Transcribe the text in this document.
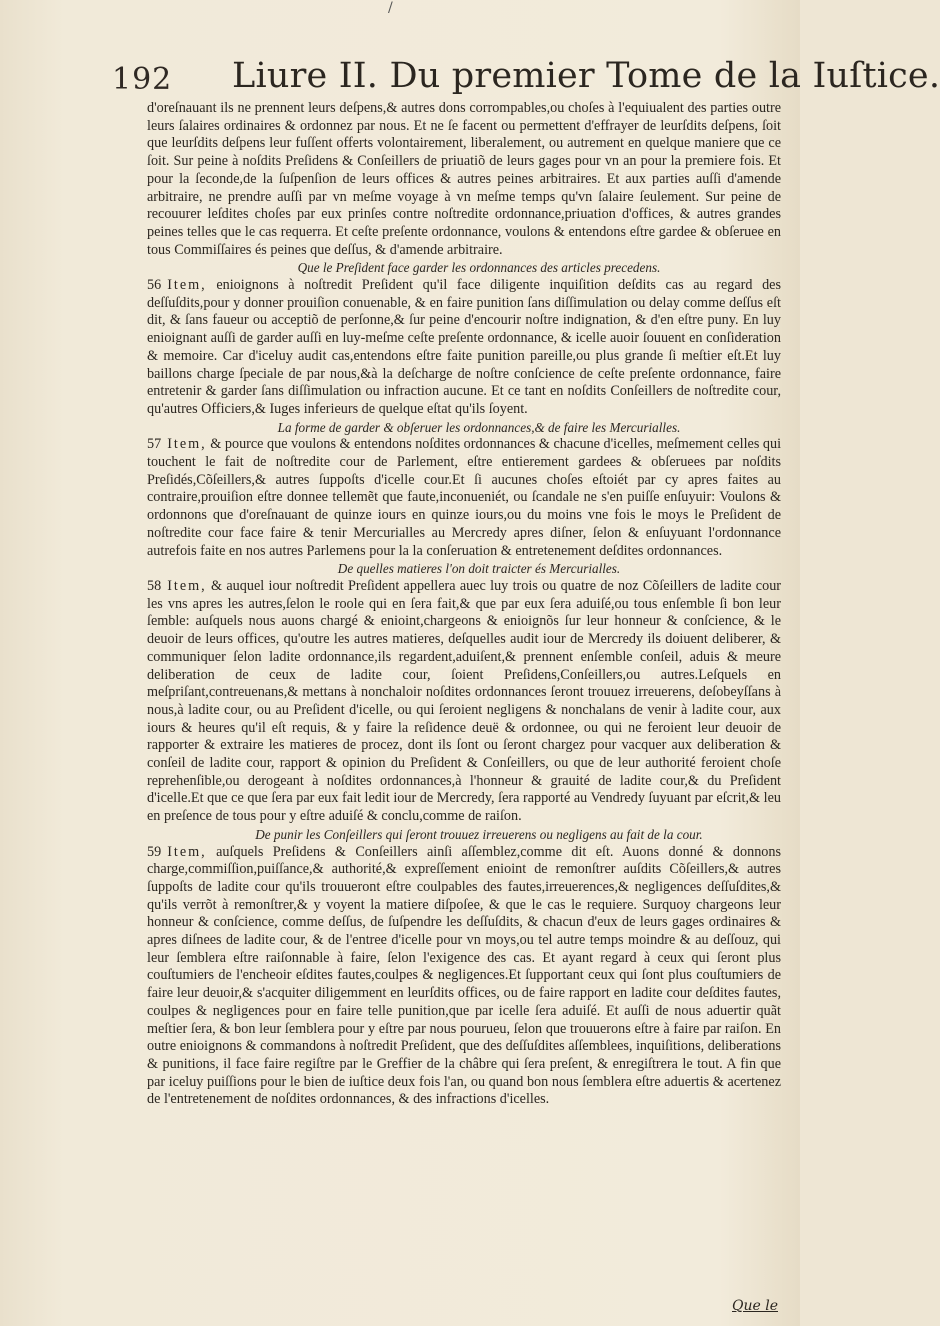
/
192 Liure II. Du premier Tome de la Iuſtice.

d'oreſnauant ils ne prennent leurs deſpens,& autres dons corrompables,ou choſes à l'equiualent des parties outre leurs ſalaires ordinaires & ordonnez par nous. Et ne ſe facent ou permettent d'effrayer de leurſdits deſpens, ſoit que leurſdits deſpens leur fuſſent offerts volontairement, liberalement, ou autrement en quelque maniere que ce ſoit. Sur peine à noſdits Preſidens & Conſeillers de priuatiõ de leurs gages pour vn an pour la premiere fois. Et pour la ſeconde,de la ſuſpenſion de leurs offices & autres peines arbitraires. Et aux parties auſſi d'amende arbitraire, ne prendre auſſi par vn meſme voyage à vn meſme temps qu'vn ſalaire ſeulement. Sur peine de recouurer leſdites choſes par eux prinſes contre noſtredite ordonnance,priuation d'offices, & autres grandes peines telles que le cas requerra. Et ceſte preſente ordonnance, voulons & entendons eſtre gardee & obſeruee en tous Commiſſaires és peines que deſſus, & d'amende arbitraire.

Que le Preſident face garder les ordonnances des articles precedens.

56 Item, enioignons à noſtredit Preſident qu'il face diligente inquiſition deſdits cas au regard des deſſuſdits,pour y donner prouiſion conuenable, & en faire punition ſans diſſimulation ou delay comme deſſus eſt dit, & ſans faueur ou acceptiõ de perſonne,& ſur peine d'encourir noſtre indignation, & d'en eſtre puny. En luy enioignant auſſi de garder auſſi en luy-meſme ceſte preſente ordonnance, & icelle auoir ſouuent en conſideration & memoire. Car d'iceluy audit cas,entendons eſtre faite punition pareille,ou plus grande ſi meſtier eſt.Et luy baillons charge ſpeciale de par nous,&à la deſcharge de noſtre conſcience de ceſte preſente ordonnance, faire entretenir & garder ſans diſſimulation ou infraction aucune. Et ce tant en noſdits Conſeillers de noſtredite cour, qu'autres Officiers,& Iuges inferieurs de quelque eſtat qu'ils ſoyent.

La forme de garder & obſeruer les ordonnances,& de faire les Mercurialles.

57 Item, & pource que voulons & entendons noſdites ordonnances & chacune d'icelles, meſmement celles qui touchent le fait de noſtredite cour de Parlement, eſtre entierement gardees & obſeruees par noſdits Preſidés,Cõſeillers,& autres ſuppoſts d'icelle cour.Et ſi aucunes choſes eſtoiét par cy apres faites au contraire,prouiſion eſtre donnee tellemẽt que faute,inconueniét, ou ſcandale ne s'en puiſſe enſuyuir: Voulons & ordonnons que d'oreſnauant de quinze iours en quinze iours,ou du moins vne fois le moys le Preſident de noſtredite cour face faire & tenir Mercurialles au Mercredy apres diſner, ſelon & enſuyuant l'ordonnance autrefois faite en nos autres Parlemens pour la la conſeruation & entretenement deſdites ordonnances.

De quelles matieres l'on doit traicter és Mercurialles.

58 Item, & auquel iour noſtredit Preſident appellera auec luy trois ou quatre de noz Cõſeillers de ladite cour les vns apres les autres,ſelon le roole qui en ſera fait,& que par eux ſera aduiſé,ou tous enſemble ſi bon leur ſemble: auſquels nous auons chargé & enioint,chargeons & enioignõs ſur leur honneur & conſcience, & le deuoir de leurs offices, qu'outre les autres matieres, deſquelles audit iour de Mercredy ils doiuent deliberer, & communiquer ſelon ladite ordonnance,ils regardent,aduiſent,& prennent enſemble conſeil, aduis & meure deliberation de ceux de ladite cour, ſoient Preſidens,Conſeillers,ou autres.Leſquels en meſpriſant,contreuenans,& mettans à nonchaloir noſdites ordonnances ſeront trouuez irreuerens, deſobeyſſans à nous,à ladite cour, ou au Preſident d'icelle, ou qui ſeroient negligens & nonchalans de venir à ladite cour, aux iours & heures qu'il eſt requis, & y faire la reſidence deuë & ordonnee, ou qui ne feroient leur deuoir de rapporter & extraire les matieres de procez, dont ils ſont ou ſeront chargez pour vacquer aux deliberation & conſeil de ladite cour, rapport & opinion du Preſident & Conſeillers, ou que de leur authorité feroient choſe reprehenſible,ou derogeant à noſdites ordonnances,à l'honneur & grauité de ladite cour,& du Preſident d'icelle.Et que ce que ſera par eux fait ledit iour de Mercredy, ſera rapporté au Vendredy ſuyuant par eſcrit,& leu en preſence de tous pour y eſtre aduiſé & conclu,comme de raiſon.

De punir les Conſeillers qui ſeront trouuez irreuerens ou negligens au fait de la cour.

59 Item, auſquels Preſidens & Conſeillers ainſi aſſemblez,comme dit eſt. Auons donné & donnons charge,commiſſion,puiſſance,& authorité,& expreſſement enioint de remonſtrer auſdits Cõſeillers,& autres ſuppoſts de ladite cour qu'ils trouueront eſtre coulpables des fautes,irreuerences,& negligences deſſuſdites,& qu'ils verrõt à remonſtrer,& y voyent la matiere diſpoſee, & que le cas le requiere. Surquoy chargeons leur honneur & conſcience, comme deſſus, de ſuſpendre les deſſuſdits, & chacun d'eux de leurs gages ordinaires & apres diſnees de ladite cour, & de l'entree d'icelle pour vn moys,ou tel autre temps moindre & au deſſouz, qui leur ſemblera eſtre raiſonnable à faire, ſelon l'exigence des cas. Et ayant regard à ceux qui ſeront plus couſtumiers de l'encheoir eſdites fautes,coulpes & negligences.Et ſupportant ceux qui ſont plus couſtumiers de faire leur deuoir,& s'acquiter diligemment en leurſdits offices, ou de faire rapport en ladite cour deſdites fautes, coulpes & negligences pour en faire telle punition,que par icelle ſera aduiſé. Et auſſi de nous aduertir quãt meſtier ſera, & bon leur ſemblera pour y eſtre par nous pourueu, ſelon que trouuerons eſtre à faire par raiſon. En outre enioignons & commandons à noſtredit Preſident, que des deſſuſdites aſſemblees, inquiſitions, deliberations & punitions, il face faire regiſtre par le Greffier de la châbre qui ſera preſent, & enregiſtrera le tout. A fin que par iceluy puiſſions pour le bien de iuſtice deux fois l'an, ou quand bon nous ſemblera eſtre aduertis & acertenez de l'entretenement de noſdites ordonnances, & des infractions d'icelles.

Que le
